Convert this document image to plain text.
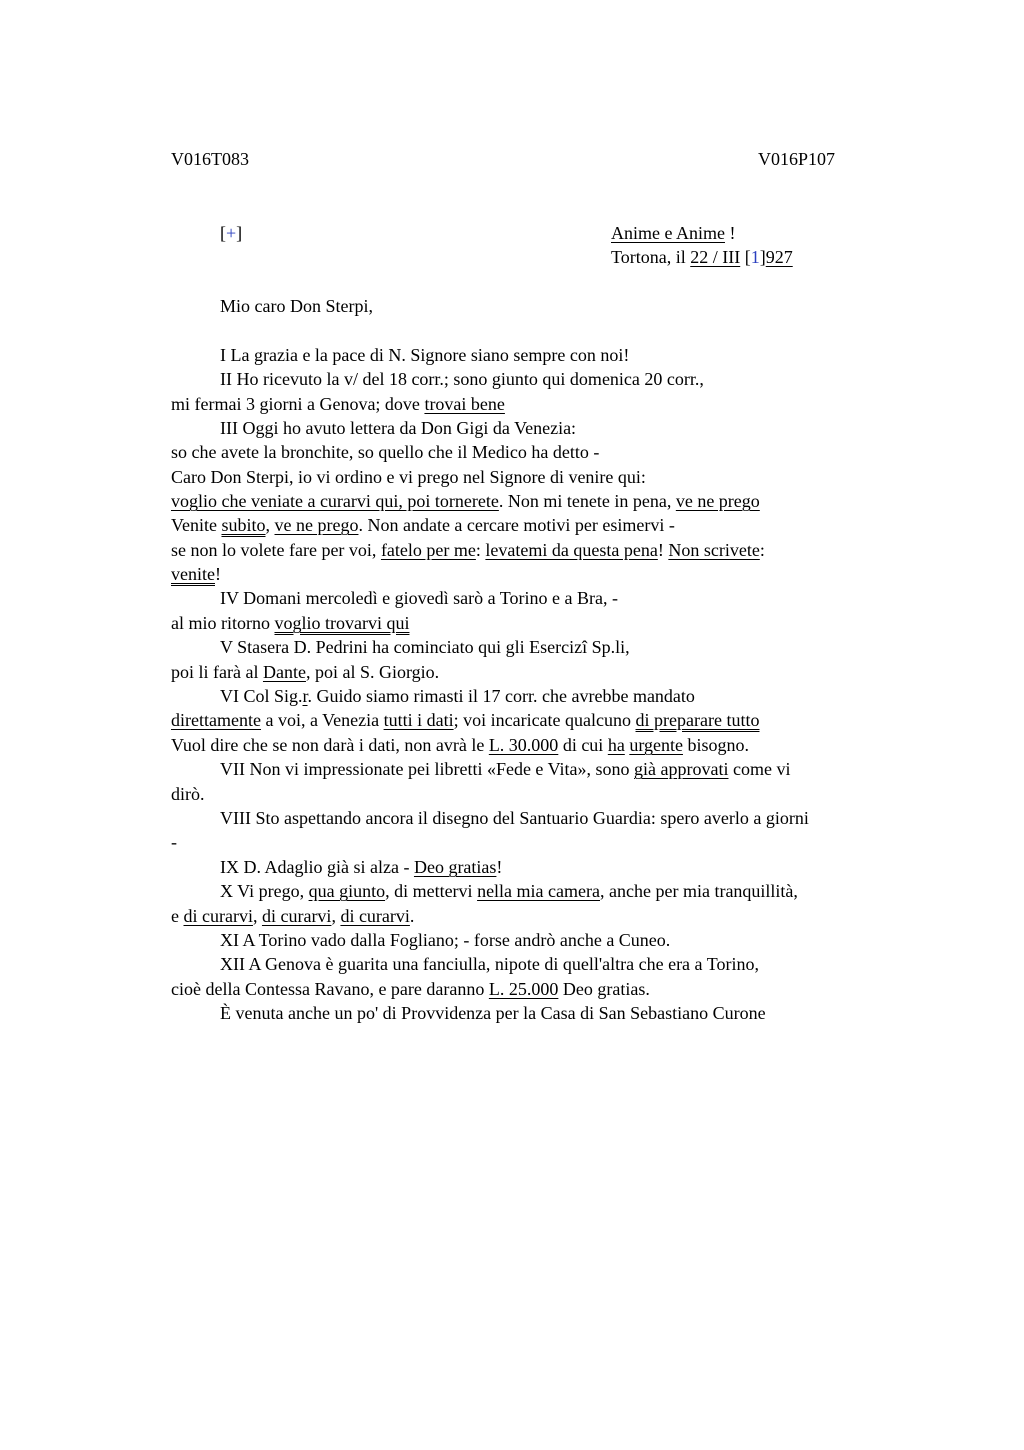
V016T083	V016P107
[+]	Anime e Anime !
Tortona, il 22 / III [1]927
Mio caro Don Sterpi,
I La grazia e la pace di N. Signore siano sempre con noi!
II Ho ricevuto la v/ del 18 corr.; sono giunto qui domenica 20 corr.,
mi fermai 3 giorni a Genova; dove trovai bene
III Oggi ho avuto lettera da Don Gigi da Venezia:
so che avete la bronchite, so quello che il Medico ha detto -
Caro Don Sterpi, io vi ordino e vi prego nel Signore di venire qui:
voglio che veniate a curarvi qui, poi tornerete. Non mi tenete in pena, ve ne prego
Venite subito, ve ne prego. Non andate a cercare motivi per esimervi -
se non lo volete fare per voi, fatelo per me: levatemi da questa pena! Non scrivete:
venite!
IV Domani mercoledì e giovedì sarò a Torino e a Bra, -
al mio ritorno voglio trovarvi qui
V Stasera D. Pedrini ha cominciato qui gli Esercizî Sp.li,
poi li farà al Dante, poi al S. Giorgio.
VI Col Sig.r. Guido siamo rimasti il 17 corr. che avrebbe mandato
direttamente a voi, a Venezia tutti i dati; voi incaricate qualcuno di preparare tutto
Vuol dire che se non darà i dati, non avrà le L. 30.000 di cui ha urgente bisogno.
VII Non vi impressionate pei libretti «Fede e Vita», sono già approvati come vi
dirò.
VIII Sto aspettando ancora il disegno del Santuario Guardia: spero averlo a giorni
-
IX D. Adaglio già si alza - Deo gratias!
X Vi prego, qua giunto, di mettervi nella mia camera, anche per mia tranquillità,
e di curarvi, di curarvi, di curarvi.
XI A Torino vado dalla Fogliano; - forse andrò anche a Cuneo.
XII A Genova è guarita una fanciulla, nipote di quell'altra che era a Torino,
cioè della Contessa Ravano, e pare daranno L. 25.000 Deo gratias.
È venuta anche un po' di Provvidenza per la Casa di San Sebastiano Curone
